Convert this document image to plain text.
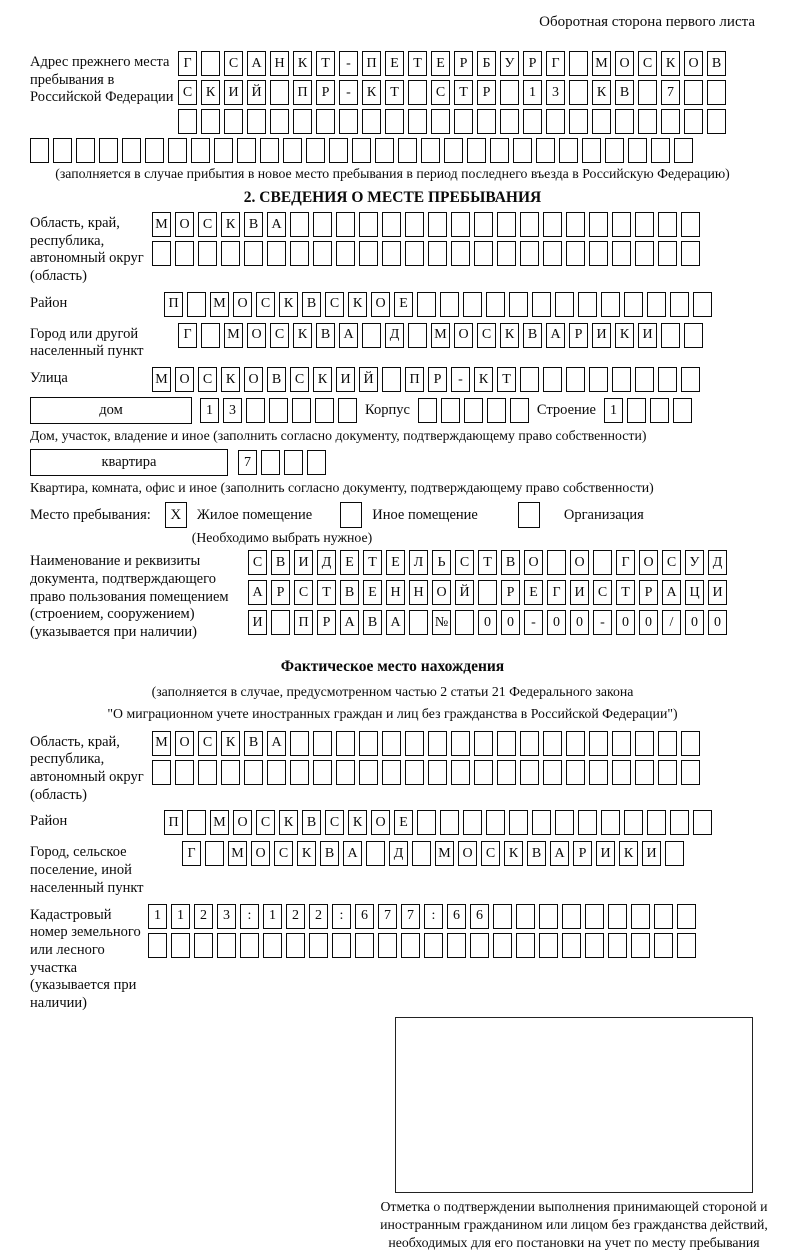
Оборотная сторона первого листа
Адрес прежнего места пребывания в Российской Федерации
Г	С А Н К	Т	-	П Е	Т	Е	Р	Б	У	Р	Г	М О С К О В
С К И Й	П	Р	-	К	Т	С	Т	Р	1	3	К В	7
(заполняется в случае прибытия в новое место пребывания в период последнего въезда в Российскую Федерацию)
2. СВЕДЕНИЯ О МЕСТЕ ПРЕБЫВАНИЯ
Область, край, республика, автономный округ (область)
М О С К В А
Район	П	М О С К В С К О Е
Город или другой населенный пункт
Г	М О С К В А	Д	М О С К В А	Р	И К И
Улица	М О С К О В С К И Й	П	Р	-	К	Т
дом	1	3	Корпус	Строение	1
Дом, участок, владение и иное (заполнить согласно документу, подтверждающему право собственности)
квартира	7
Квартира, комната, офис и иное (заполнить согласно документу, подтверждающему право собственности)
Место пребывания:	X	Жилое помещение	Иное помещение	Организация
(Необходимо выбрать нужное)
Наименование и реквизиты документа, подтверждающего право пользования помещением (строением, сооружением) (указывается при наличии)
С В И Д Е	Т	Е Л	Ь	С	Т	В О	О	Г О С У Д
А	Р	С	Т	В	Е Н Н О Й	Р	Е	Г И С	Т	Р	А Ц И
И	П	Р	А В А	№	0	0	-	0	0	-	0	0	/	0	0
Фактическое место нахождения
(заполняется в случае, предусмотренном частью 2 статьи 21 Федерального закона
"О миграционном учете иностранных граждан и лиц без гражданства в Российской Федерации")
Область, край, республика, автономный округ (область)
М О С К В А
Район	П	М О С К В С К О Е
Город, сельское поселение, иной населенный пункт
Г	М О С К В А	Д	М О С К В А	Р	И К И
Кадастровый номер земельного или лесного участка (указывается при наличии)
1	1	2	3	:	1	2	2	:	6	7	7	:	6	6
Отметка о подтверждении выполнения принимающей стороной и иностранным гражданином или лицом без гражданства действий, необходимых для его постановки на учет по месту пребывания
